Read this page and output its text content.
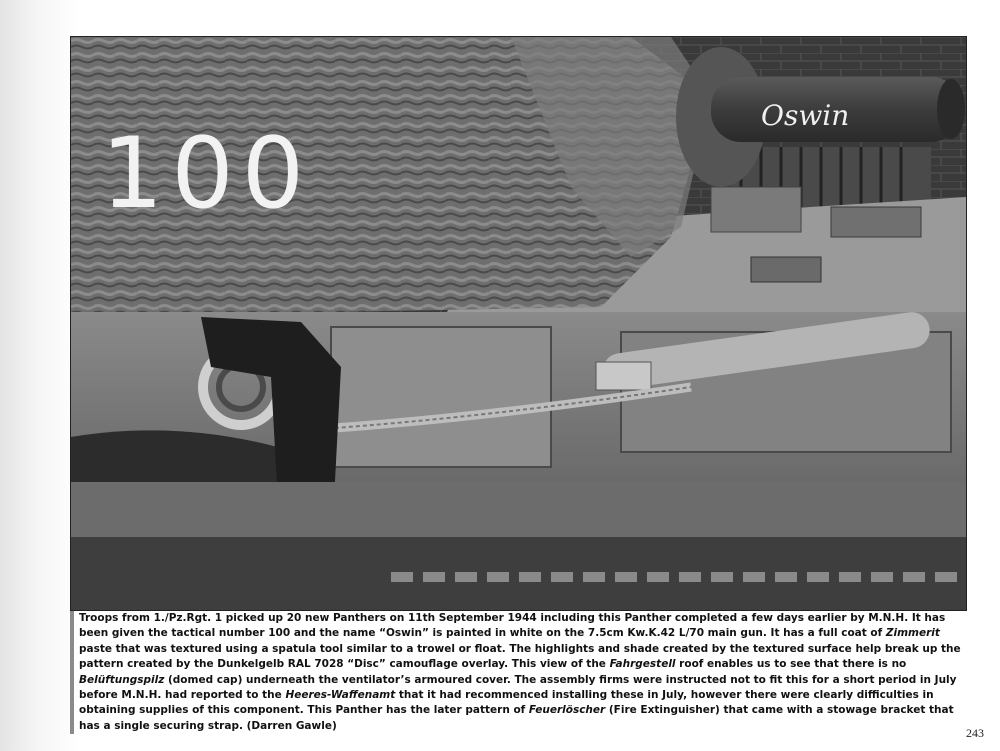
100
Oswin
Troops from 1./Pz.Rgt. 1 picked up 20 new Panthers on 11th September 1944 including this Panther completed a few days earlier by M.N.H. It has been given the tactical number 100 and the name “Oswin” is painted in white on the 7.5cm Kw.K.42 L/70 main gun. It has a full coat of Zimmerit paste that was textured using a spatula tool similar to a trowel or float. The highlights and shade created by the textured surface help break up the pattern created by the Dunkelgelb RAL 7028 “Disc” camouflage overlay. This view of the Fahrgestell roof enables us to see that there is no Belüftungspilz (domed cap) underneath the ventilator’s armoured cover. The assembly firms were instructed not to fit this for a short period in July before M.N.H. had reported to the Heeres-Waffenamt that it had recommenced installing these in July, however there were clearly difficulties in obtaining supplies of this component. This Panther has the later pattern of Feuerlöscher (Fire Extinguisher) that came with a stowage bracket that has a single securing strap. (Darren Gawle)
243
